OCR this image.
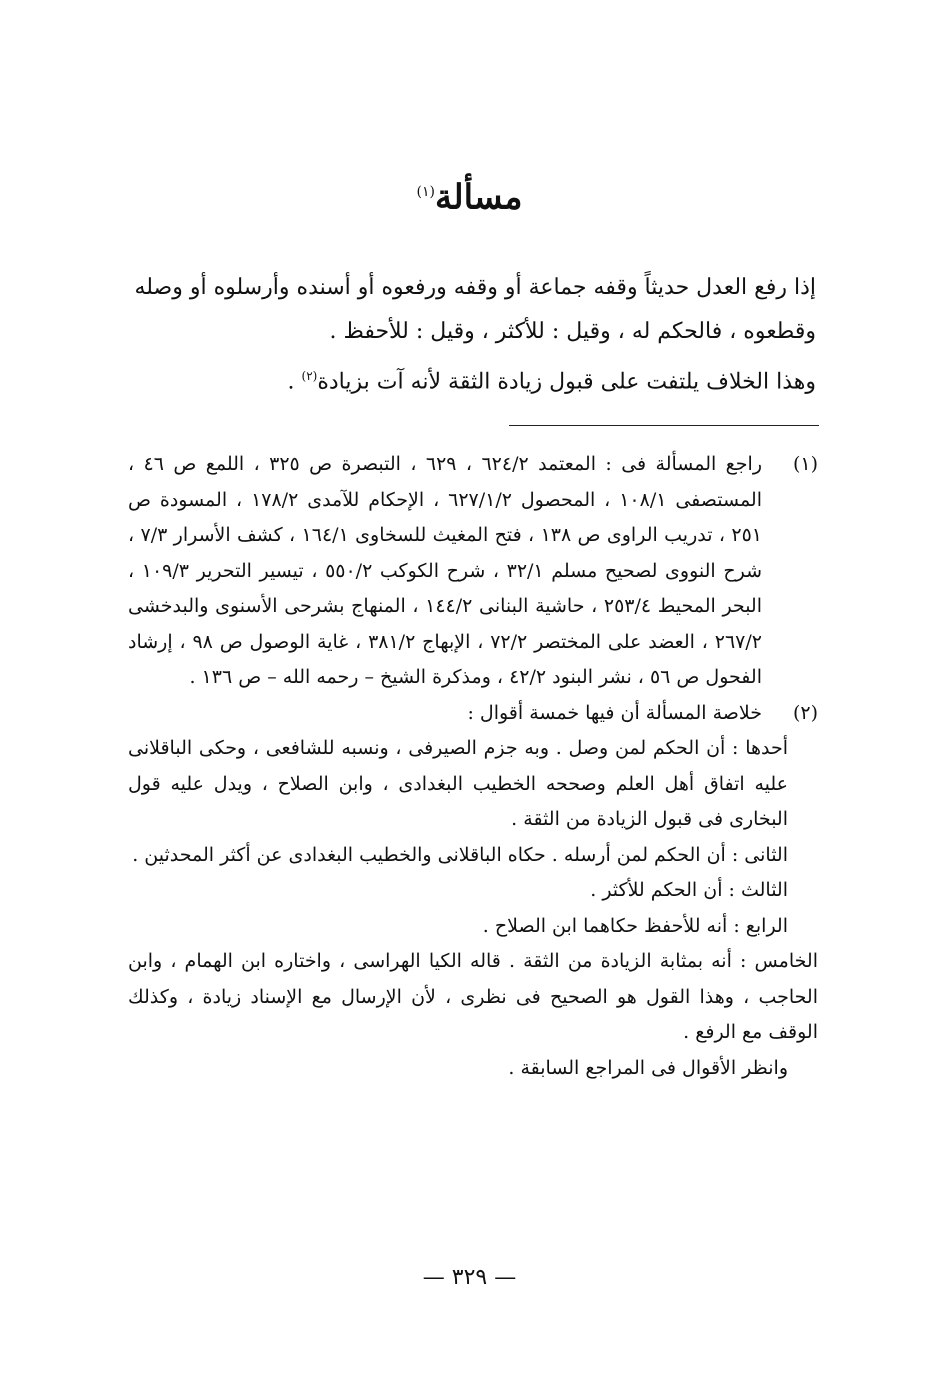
مسألة$^{(١)}$

إذا رفع العدل حديثاً وقفه جماعة أو وقفه ورفعوه أو أسنده وأرسلوه أو وصله

وقطعوه ، فالحكم له ، وقيل : للأكثر ، وقيل : للأحفظ .

وهذا الخلاف يلتفت على قبول زيادة الثقة لأنه آت بزيادة$^{(٢)}$ .

(١)

راجع المسألة فى : المعتمد ٦٢٤/٢ ، ٦٢٩ ، التبصرة ص ٣٢٥ ، اللمع ص ٤٦ ، المستصفى ١٠٨/١ ، المحصول ٦٢٧/١/٢ ، الإحكام للآمدى ١٧٨/٢ ، المسودة ص ٢٥١ ، تدريب الراوى ص ١٣٨ ، فتح المغيث للسخاوى ١٦٤/١ ، كشف الأسرار ٧/٣ ، شرح النووى لصحيح مسلم ٣٢/١ ، شرح الكوكب ٥٥٠/٢ ، تيسير التحرير ١٠٩/٣ ، البحر المحيط ٢٥٣/٤ ، حاشية البنانى ١٤٤/٢ ، المنهاج بشرحى الأسنوى والبدخشى ٢٦٧/٢ ، العضد على المختصر ٧٢/٢ ، الإبهاج ٣٨١/٢ ، غاية الوصول ص ٩٨ ، إرشاد الفحول ص ٥٦ ، نشر البنود ٤٢/٢ ، ومذكرة الشيخ – رحمه الله – ص ١٣٦ .

(٢)

خلاصة المسألة أن فيها خمسة أقوال :

أحدها : أن الحكم لمن وصل . وبه جزم الصيرفى ، ونسبه للشافعى ، وحكى الباقلانى عليه اتفاق أهل العلم وصححه الخطيب البغدادى ، وابن الصلاح ، ويدل عليه قول البخارى فى قبول الزيادة من الثقة .

الثانى : أن الحكم لمن أرسله . حكاه الباقلانى والخطيب البغدادى عن أكثر المحدثين .

الثالث : أن الحكم للأكثر .

الرابع : أنه للأحفظ حكاهما ابن الصلاح .

الخامس : أنه بمثابة الزيادة من الثقة . قاله الكيا الهراسى ، واختاره ابن الهمام ، وابن الحاجب ، وهذا القول هو الصحيح فى نظرى ، لأن الإرسال مع الإسناد زيادة ، وكذلك الوقف مع الرفع .

وانظر الأقوال فى المراجع السابقة .

— ٣٢٩ —
